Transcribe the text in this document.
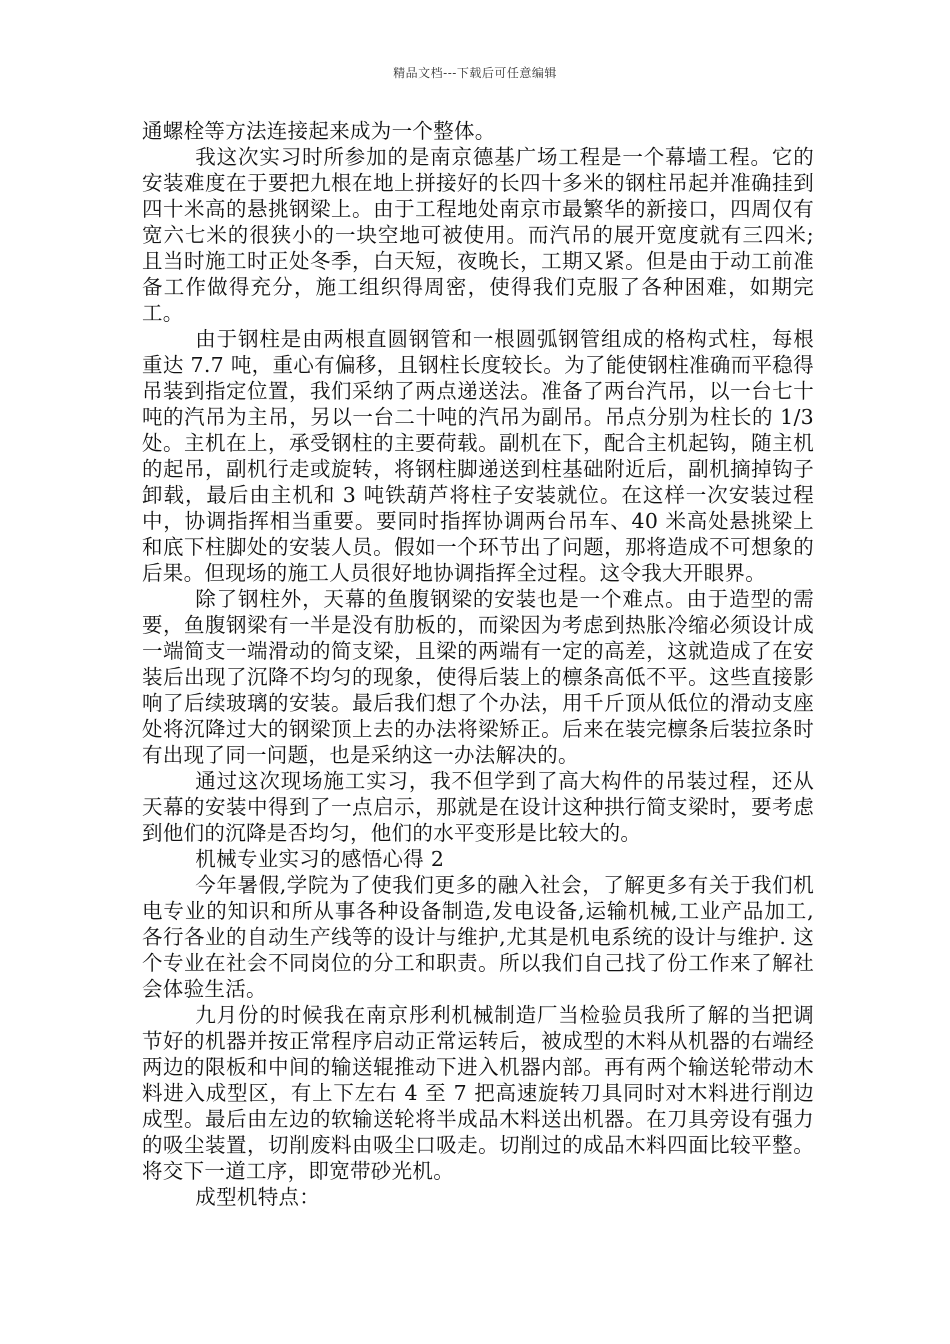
精品文档---下载后可任意编辑

通螺栓等方法连接起来成为一个整体。

我这次实习时所参加的是南京德基广场工程是一个幕墙工程。它的安装难度在于要把九根在地上拼接好的长四十多米的钢柱吊起并准确挂到四十米高的悬挑钢梁上。由于工程地处南京市最繁华的新接口，四周仅有宽六七米的很狭小的一块空地可被使用。而汽吊的展开宽度就有三四米;且当时施工时正处冬季，白天短，夜晚长，工期又紧。但是由于动工前准备工作做得充分，施工组织得周密，使得我们克服了各种困难，如期完工。

由于钢柱是由两根直圆钢管和一根圆弧钢管组成的格构式柱，每根重达 7.7 吨，重心有偏移，且钢柱长度较长。为了能使钢柱准确而平稳得吊装到指定位置，我们采纳了两点递送法。准备了两台汽吊，以一台七十吨的汽吊为主吊，另以一台二十吨的汽吊为副吊。吊点分别为柱长的 1/3 处。主机在上，承受钢柱的主要荷载。副机在下，配合主机起钩，随主机的起吊，副机行走或旋转，将钢柱脚递送到柱基础附近后，副机摘掉钩子卸载，最后由主机和 3 吨铁葫芦将柱子安装就位。在这样一次安装过程中，协调指挥相当重要。要同时指挥协调两台吊车、40 米高处悬挑梁上和底下柱脚处的安装人员。假如一个环节出了问题，那将造成不可想象的后果。但现场的施工人员很好地协调指挥全过程。这令我大开眼界。

除了钢柱外，天幕的鱼腹钢梁的安装也是一个难点。由于造型的需要，鱼腹钢梁有一半是没有肋板的，而梁因为考虑到热胀冷缩必须设计成一端简支一端滑动的简支梁，且梁的两端有一定的高差，这就造成了在安装后出现了沉降不均匀的现象，使得后装上的檩条高低不平。这些直接影响了后续玻璃的安装。最后我们想了个办法，用千斤顶从低位的滑动支座处将沉降过大的钢梁顶上去的办法将梁矫正。后来在装完檩条后装拉条时有出现了同一问题，也是采纳这一办法解决的。

通过这次现场施工实习，我不但学到了高大构件的吊装过程，还从天幕的安装中得到了一点启示，那就是在设计这种拱行简支梁时，要考虑到他们的沉降是否均匀，他们的水平变形是比较大的。

机械专业实习的感悟心得 2

今年暑假,学院为了使我们更多的融入社会，了解更多有关于我们机电专业的知识和所从事各种设备制造,发电设备,运输机械,工业产品加工,各行各业的自动生产线等的设计与维护,尤其是机电系统的设计与维护. 这个专业在社会不同岗位的分工和职责。所以我们自己找了份工作来了解社会体验生活。

九月份的时候我在南京彤利机械制造厂当检验员我所了解的当把调节好的机器并按正常程序启动正常运转后，被成型的木料从机器的右端经两边的限板和中间的输送辊推动下进入机器内部。再有两个输送轮带动木料进入成型区，有上下左右 4 至 7 把高速旋转刀具同时对木料进行削边成型。最后由左边的软输送轮将半成品木料送出机器。在刀具旁设有强力的吸尘装置，切削废料由吸尘口吸走。切削过的成品木料四面比较平整。将交下一道工序，即宽带砂光机。

成型机特点：
